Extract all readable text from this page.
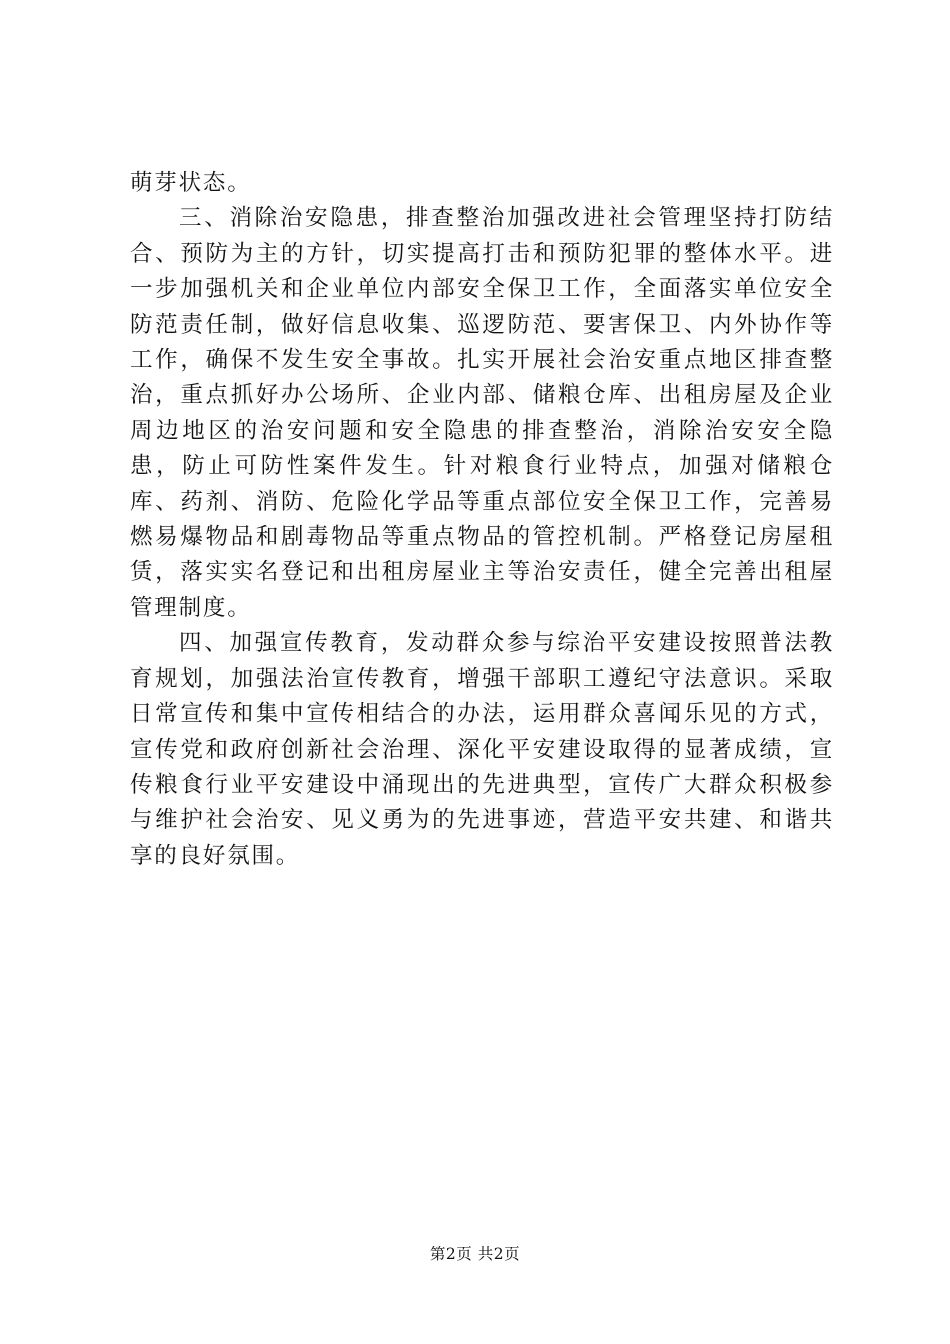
萌芽状态。

三、消除治安隐患，排查整治加强改进社会管理坚持打防结合、预防为主的方针，切实提高打击和预防犯罪的整体水平。进一步加强机关和企业单位内部安全保卫工作，全面落实单位安全防范责任制，做好信息收集、巡逻防范、要害保卫、内外协作等工作，确保不发生安全事故。扎实开展社会治安重点地区排查整治，重点抓好办公场所、企业内部、储粮仓库、出租房屋及企业周边地区的治安问题和安全隐患的排查整治，消除治安安全隐患，防止可防性案件发生。针对粮食行业特点，加强对储粮仓库、药剂、消防、危险化学品等重点部位安全保卫工作，完善易燃易爆物品和剧毒物品等重点物品的管控机制。严格登记房屋租赁，落实实名登记和出租房屋业主等治安责任，健全完善出租屋管理制度。

四、加强宣传教育，发动群众参与综治平安建设按照普法教育规划，加强法治宣传教育，增强干部职工遵纪守法意识。采取日常宣传和集中宣传相结合的办法，运用群众喜闻乐见的方式，宣传党和政府创新社会治理、深化平安建设取得的显著成绩，宣传粮食行业平安建设中涌现出的先进典型，宣传广大群众积极参与维护社会治安、见义勇为的先进事迹，营造平安共建、和谐共享的良好氛围。

第2页 共2页
